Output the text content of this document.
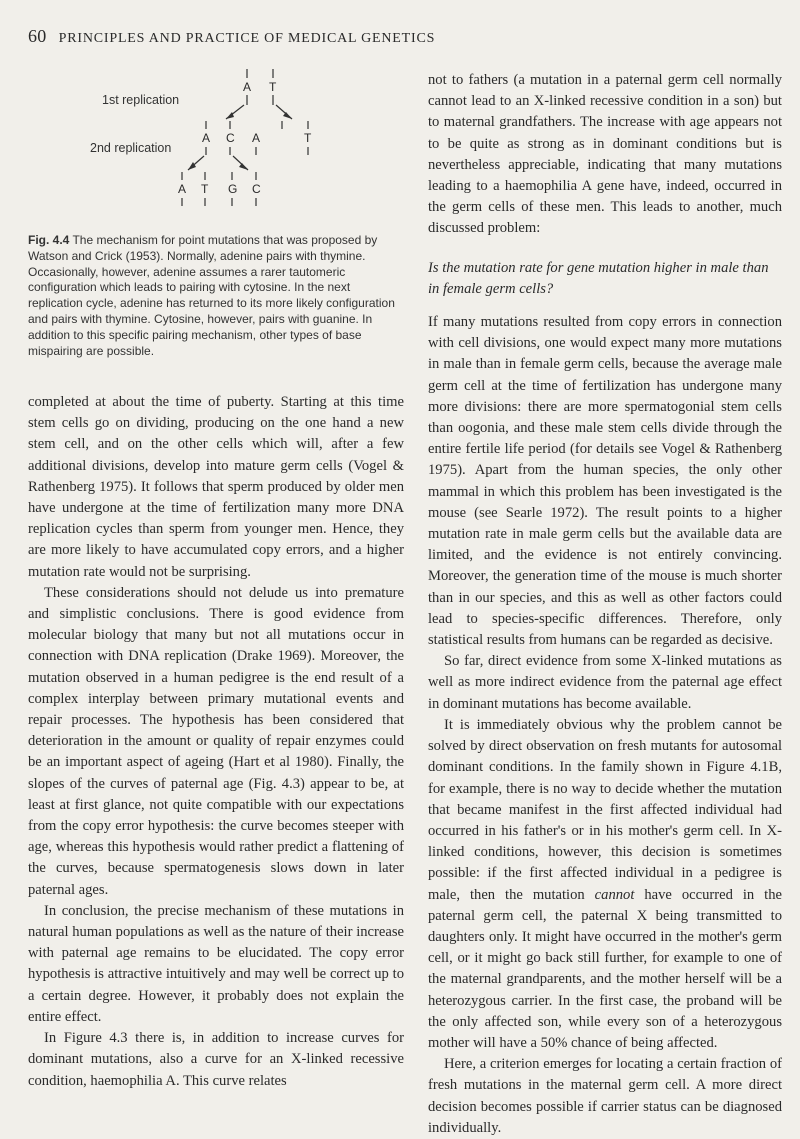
60 PRINCIPLES AND PRACTICE OF MEDICAL GENETICS
1st replication
2nd replication
A T
A C A	T
A T G C
Fig. 4.4 The mechanism for point mutations that was proposed by Watson and Crick (1953). Normally, adenine pairs with thymine. Occasionally, however, adenine assumes a rarer tautomeric configuration which leads to pairing with cytosine. In the next replication cycle, adenine has returned to its more likely configuration and pairs with thymine. Cytosine, however, pairs with guanine. In addition to this specific pairing mechanism, other types of base mispairing are possible.

completed at about the time of puberty. Starting at this time stem cells go on dividing, producing on the one hand a new stem cell, and on the other cells which will, after a few additional divisions, develop into mature germ cells (Vogel & Rathenberg 1975). It follows that sperm produced by older men have undergone at the time of fertilization many more DNA replication cycles than sperm from younger men. Hence, they are more likely to have accumulated copy errors, and a higher mutation rate would not be surprising.

These considerations should not delude us into premature and simplistic conclusions. There is good evidence from molecular biology that many but not all mutations occur in connection with DNA replication (Drake 1969). Moreover, the mutation observed in a human pedigree is the end result of a complex interplay between primary mutational events and repair processes. The hypothesis has been considered that deterioration in the amount or quality of repair enzymes could be an important aspect of ageing (Hart et al 1980). Finally, the slopes of the curves of paternal age (Fig. 4.3) appear to be, at least at first glance, not quite compatible with our expectations from the copy error hypothesis: the curve becomes steeper with age, whereas this hypothesis would rather predict a flattening of the curves, because spermatogenesis slows down in later paternal ages.

In conclusion, the precise mechanism of these mutations in natural human populations as well as the nature of their increase with paternal age remains to be elucidated. The copy error hypothesis is attractive intuitively and may well be correct up to a certain degree. However, it probably does not explain the entire effect.

In Figure 4.3 there is, in addition to increase curves for dominant mutations, also a curve for an X-linked recessive condition, haemophilia A. This curve relates

not to fathers (a mutation in a paternal germ cell normally cannot lead to an X-linked recessive condition in a son) but to maternal grandfathers. The increase with age appears not to be quite as strong as in dominant conditions but is nevertheless appreciable, indicating that many mutations leading to a haemophilia A gene have, indeed, occurred in the germ cells of these men. This leads to another, much discussed problem:

Is the mutation rate for gene mutation higher in male than in female germ cells?

If many mutations resulted from copy errors in connection with cell divisions, one would expect many more mutations in male than in female germ cells, because the average male germ cell at the time of fertilization has undergone many more divisions: there are more spermatogonial stem cells than oogonia, and these male stem cells divide through the entire fertile life period (for details see Vogel & Rathenberg 1975). Apart from the human species, the only other mammal in which this problem has been investigated is the mouse (see Searle 1972). The result points to a higher mutation rate in male germ cells but the available data are limited, and the evidence is not entirely convincing. Moreover, the generation time of the mouse is much shorter than in our species, and this as well as other factors could lead to species-specific differences. Therefore, only statistical results from humans can be regarded as decisive.

So far, direct evidence from some X-linked mutations as well as more indirect evidence from the paternal age effect in dominant mutations has become available.

It is immediately obvious why the problem cannot be solved by direct observation on fresh mutants for autosomal dominant conditions. In the family shown in Figure 4.1B, for example, there is no way to decide whether the mutation that became manifest in the first affected individual had occurred in his father's or in his mother's germ cell. In X-linked conditions, however, this decision is sometimes possible: if the first affected individual in a pedigree is male, then the mutation cannot have occurred in the paternal germ cell, the paternal X being transmitted to daughters only. It might have occurred in the mother's germ cell, or it might go back still further, for example to one of the maternal grandparents, and the mother herself will be a heterozygous carrier. In the first case, the proband will be the only affected son, while every son of a heterozygous mother will have a 50% chance of being affected.

Here, a criterion emerges for locating a certain fraction of fresh mutations in the maternal germ cell. A more direct decision becomes possible if carrier status can be diagnosed individually.
